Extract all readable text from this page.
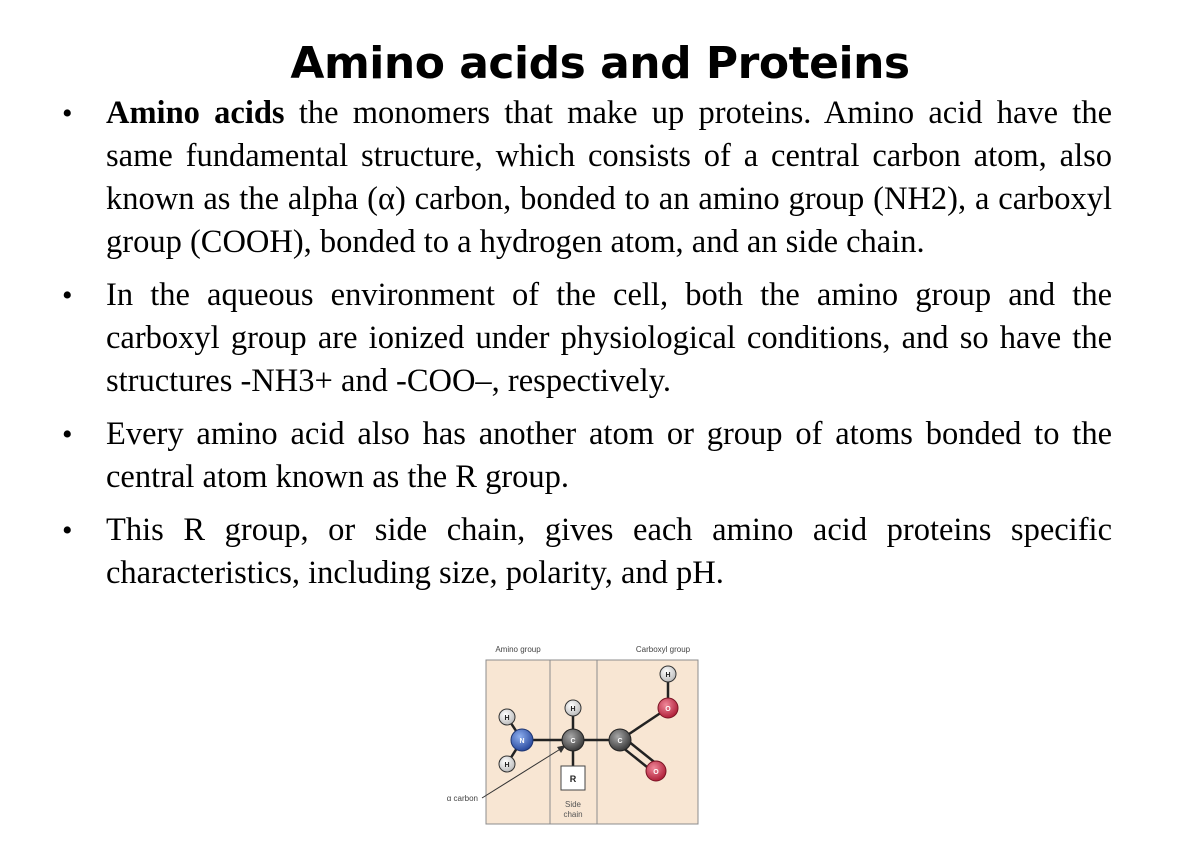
Amino acids and Proteins
• Amino acids the monomers that make up proteins. Amino acid have the same fundamental structure, which consists of a central carbon atom, also known as the alpha (α) carbon, bonded to an amino group (NH2), a carboxyl group (COOH), bonded to a hydrogen atom, and an side chain.

• In the aqueous environment of the cell, both the amino group and the carboxyl group are ionized under physiological conditions, and so have the structures -NH3+ and -COO–, respectively.

• Every amino acid also has another atom or group of atoms bonded to the central atom known as the R group.

• This R group, or side chain, gives each amino acid proteins specific characteristics, including size, polarity, and pH.

Amino group	Carboxyl group
α carbon
H
H
H
H
N	C	C
O
O
R
Side
chain
